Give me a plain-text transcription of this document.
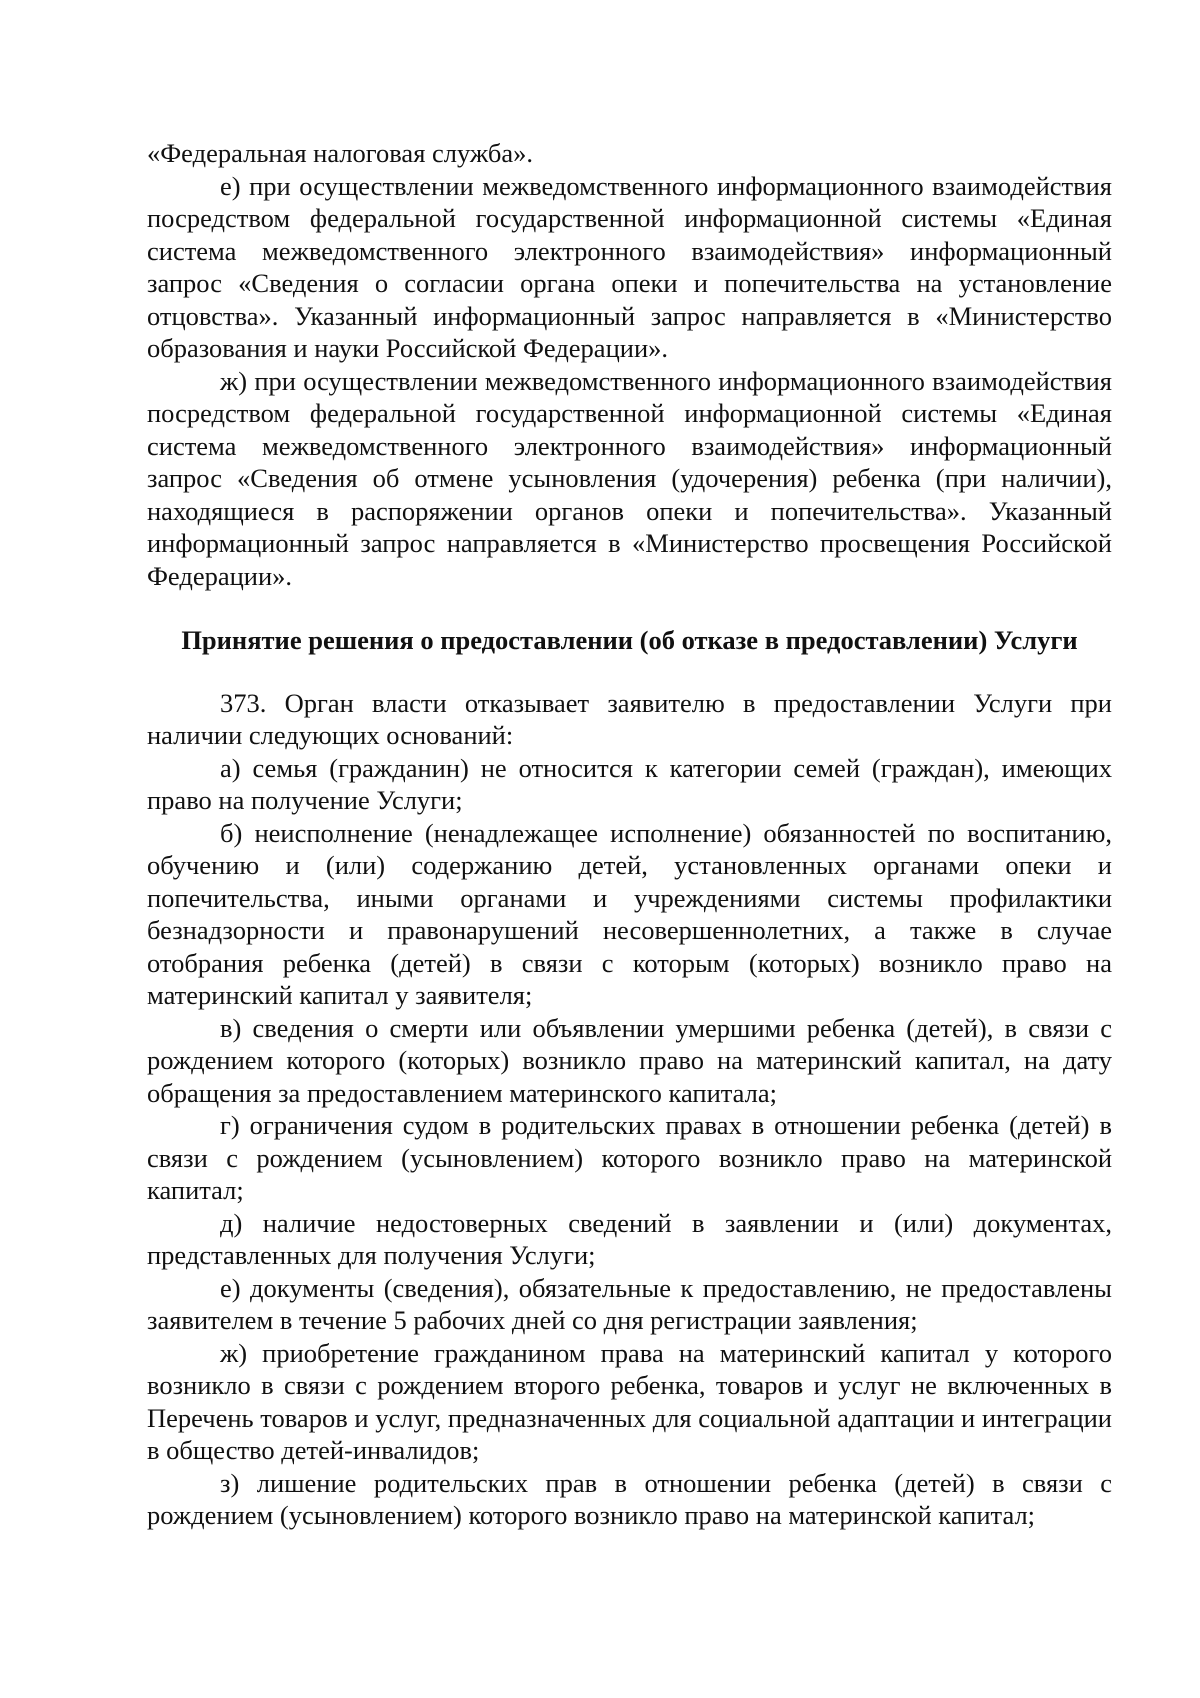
«Федеральная налоговая служба».

е) при осуществлении межведомственного информационного взаимодействия посредством федеральной государственной информационной системы «Единая система межведомственного электронного взаимодействия» информационный запрос «Сведения о согласии органа опеки и попечительства на установление отцовства». Указанный информационный запрос направляется в «Министерство образования и науки Российской Федерации».

ж) при осуществлении межведомственного информационного взаимодействия посредством федеральной государственной информационной системы «Единая система межведомственного электронного взаимодействия» информационный запрос «Сведения об отмене усыновления (удочерения) ребенка (при наличии), находящиеся в распоряжении органов опеки и попечительства». Указанный информационный запрос направляется в «Министерство просвещения Российской Федерации».

Принятие решения о предоставлении (об отказе в предоставлении) Услуги

373. Орган власти отказывает заявителю в предоставлении Услуги при наличии следующих оснований:

а) семья (гражданин) не относится к категории семей (граждан), имеющих право на получение Услуги;

б) неисполнение (ненадлежащее исполнение) обязанностей по воспитанию, обучению и (или) содержанию детей, установленных органами опеки и попечительства, иными органами и учреждениями системы профилактики безнадзорности и правонарушений несовершеннолетних, а также в случае отобрания ребенка (детей) в связи с которым (которых) возникло право на материнский капитал у заявителя;

в) сведения о смерти или объявлении умершими ребенка (детей), в связи с рождением которого (которых) возникло право на материнский капитал, на дату обращения за предоставлением материнского капитала;

г) ограничения судом в родительских правах в отношении ребенка (детей) в связи с рождением (усыновлением) которого возникло право на материнской капитал;

д) наличие недостоверных сведений в заявлении и (или) документах, представленных для получения Услуги;

е) документы (сведения), обязательные к предоставлению, не предоставлены заявителем в течение 5 рабочих дней со дня регистрации заявления;

ж) приобретение гражданином права на материнский капитал у которого возникло в связи с рождением второго ребенка, товаров и услуг не включенных в Перечень товаров и услуг, предназначенных для социальной адаптации и интеграции в общество детей-инвалидов;

з) лишение родительских прав в отношении ребенка (детей) в связи с рождением (усыновлением) которого возникло право на материнской капитал;
